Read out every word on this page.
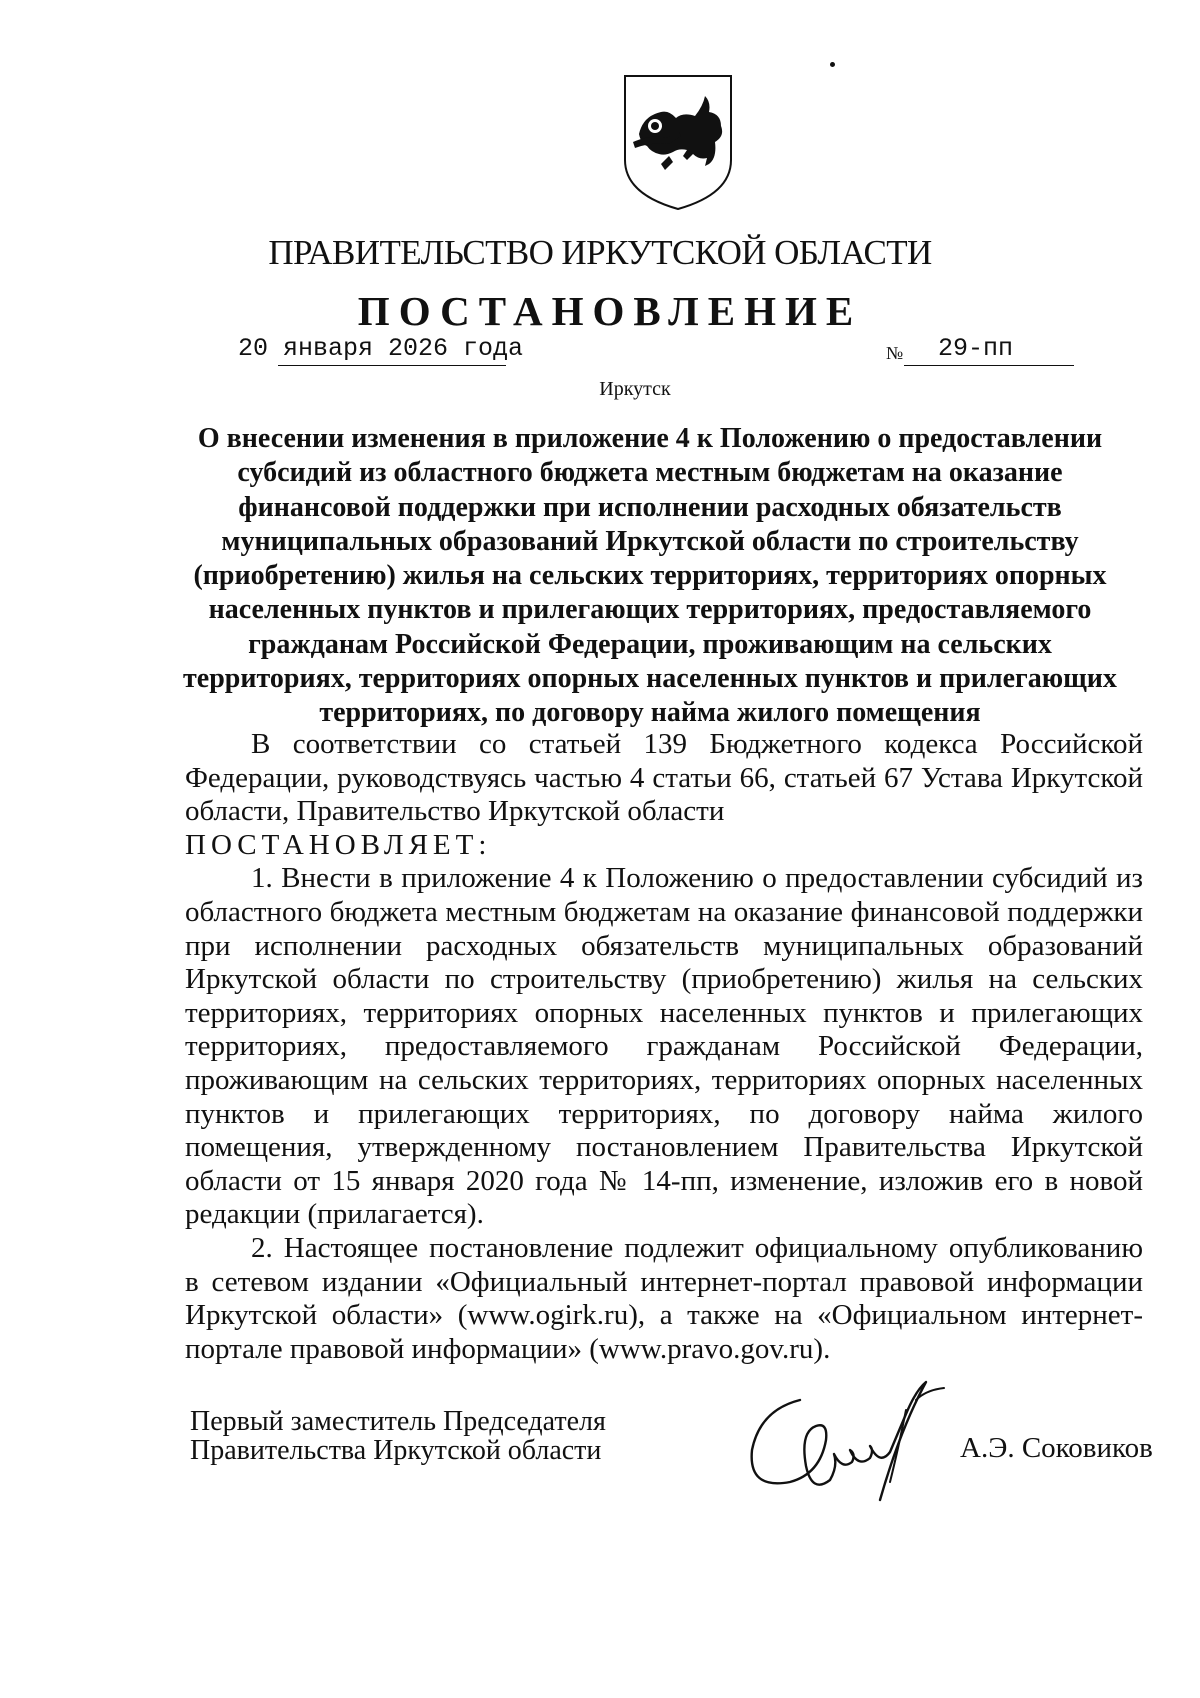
ПРАВИТЕЛЬСТВО ИРКУТСКОЙ ОБЛАСТИ
ПОСТАНОВЛЕНИЕ
20 января 2026 года	№ 29-пп
Иркутск
О внесении изменения в приложение 4 к Положению о предоставлении субсидий из областного бюджета местным бюджетам на оказание финансовой поддержки при исполнении расходных обязательств муниципальных образований Иркутской области по строительству (приобретению) жилья на сельских территориях, территориях опорных населенных пунктов и прилегающих территориях, предоставляемого гражданам Российской Федерации, проживающим на сельских территориях, территориях опорных населенных пунктов и прилегающих территориях, по договору найма жилого помещения

В соответствии со статьей 139 Бюджетного кодекса Российской Федерации, руководствуясь частью 4 статьи 66, статьей 67 Устава Иркутской области, Правительство Иркутской области

ПОСТАНОВЛЯЕТ:

1. Внести в приложение 4 к Положению о предоставлении субсидий из областного бюджета местным бюджетам на оказание финансовой поддержки при исполнении расходных обязательств муниципальных образований Иркутской области по строительству (приобретению) жилья на сельских территориях, территориях опорных населенных пунктов и прилегающих территориях, предоставляемого гражданам Российской Федерации, проживающим на сельских территориях, территориях опорных населенных пунктов и прилегающих территориях, по договору найма жилого помещения, утвержденному постановлением Правительства Иркутской области от 15 января 2020 года № 14-пп, изменение, изложив его в новой редакции (прилагается).

2. Настоящее постановление подлежит официальному опубликованию в сетевом издании «Официальный интернет-портал правовой информации Иркутской области» (www.ogirk.ru), а также на «Официальном интернет-портале правовой информации» (www.pravo.gov.ru).

Первый заместитель Председателя
Правительства Иркутской области	А.Э. Соковиков
